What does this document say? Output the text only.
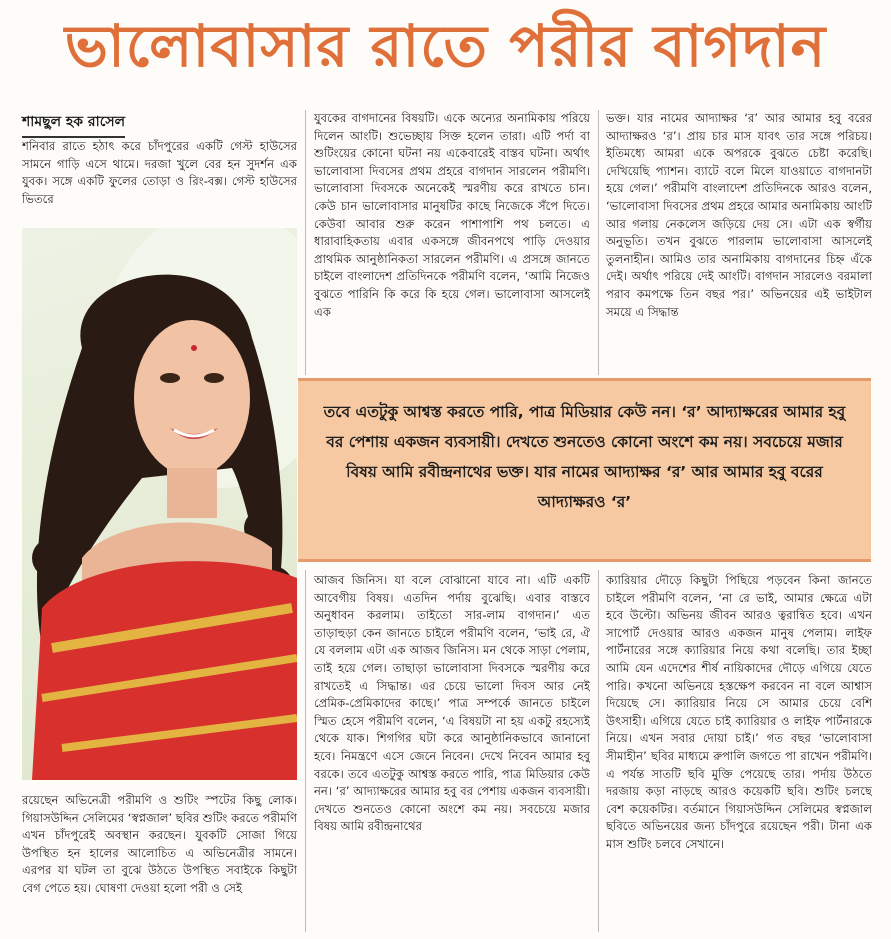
ভালোবাসার রাতে পরীর বাগদান
শামছুল হক রাসেল

শনিবার রাতে হঠাৎ করে চাঁদপুরের একটি গেস্ট হাউসের সামনে গাড়ি এসে থামে। দরজা খুলে বের হন সুদর্শন এক যুবক। সঙ্গে একটি ফুলের তোড়া ও রিং-বক্স। গেস্ট হাউসের ভিতরে

রয়েছেন অভিনেত্রী পরীমণি ও শুটিং স্পটের কিছু লোক। গিয়াসউদ্দিন সেলিমের ‘স্বপ্নজাল’ ছবির শুটিং করতে পরীমণি এখন চাঁদপুরেই অবস্থান করছেন। যুবকটি সোজা গিয়ে উপস্থিত হন হালের আলোচিত এ অভিনেত্রীর সামনে। এরপর যা ঘটল তা বুঝে উঠতে উপস্থিত সবাইকে কিছুটা বেগ পেতে হয়। ঘোষণা দেওয়া হলো পরী ও সেই

যুবকের বাগদানের বিষয়টি। একে অন্যের অনামিকায় পরিয়ে দিলেন আংটি। শুভেচ্ছায় সিক্ত হলেন তারা। এটি পর্দা বা শুটিংয়ের কোনো ঘটনা নয় একেবারেই বাস্তব ঘটনা। অর্থাৎ ভালোবাসা দিবসের প্রথম প্রহরে বাগদান সারলেন পরীমণি। ভালোবাসা দিবসকে অনেকেই স্মরণীয় করে রাখতে চান। কেউ চান ভালোবাসার মানুষটির কাছে নিজেকে সঁপে দিতে। কেউবা আবার শুরু করেন পাশাপাশি পথ চলতে। এ ধারাবাহিকতায় এবার একসঙ্গে জীবনপথে পাড়ি দেওয়ার প্রাথমিক আনুষ্ঠানিকতা সারলেন পরীমণি। এ প্রসঙ্গে জানতে চাইলে বাংলাদেশ প্রতিদিনকে পরীমণি বলেন, ‘আমি নিজেও বুঝতে পারিনি কি করে কি হয়ে গেল। ভালোবাসা আসলেই এক

ভক্ত। যার নামের আদ্যাক্ষর ‘র’ আর আমার হবু বরের আদ্যাক্ষরও ‘র’। প্রায় চার মাস যাবৎ তার সঙ্গে পরিচয়। ইতিমধ্যে আমরা একে অপরকে বুঝতে চেষ্টা করেছি। দেখিয়েছি প্যাশন। ব্যাটে বলে মিলে যাওয়াতে বাগদানটা হয়ে গেল।’ পরীমণি বাংলাদেশ প্রতিদিনকে আরও বলেন, ‘ভালোবাসা দিবসের প্রথম প্রহরে আমার অনামিকায় আংটি আর গলায় নেকলেস জড়িয়ে দেয় সে। এটা এক স্বর্গীয় অনুভূতি। তখন বুঝতে পারলাম ভালোবাসা আসলেই তুলনাহীন। আমিও তার অনামিকায় বাগদানের চিহ্ন এঁকে দেই। অর্থাৎ পরিয়ে দেই আংটি। বাগদান সারলেও বরমালা পরাব কমপক্ষে তিন বছর পর।’ অভিনয়ের এই ভাইটাল সময়ে এ সিদ্ধান্ত

তবে এতটুকু আশ্বস্ত করতে পারি, পাত্র মিডিয়ার কেউ নন। ‘র’ আদ্যাক্ষরের আমার হবু বর পেশায় একজন ব্যবসায়ী। দেখতে শুনতেও কোনো অংশে কম নয়। সবচেয়ে মজার বিষয় আমি রবীন্দ্রনাথের ভক্ত। যার নামের আদ্যাক্ষর ‘র’ আর আমার হবু বরের আদ্যাক্ষরও ‘র’

আজব জিনিস। যা বলে বোঝানো যাবে না। এটি একটি আবেগীয় বিষয়। এতদিন পর্দায় বুঝেছি। এবার বাস্তবে অনুধাবন করলাম। তাইতো সার-লাম বাগদান।’ এত তাড়াহুড়া কেন জানতে চাইলে পরীমণি বলেন, ‘ভাই রে, ঐ যে বললাম এটা এক আজব জিনিস। মন থেকে সাড়া পেলাম, তাই হয়ে গেল। তাছাড়া ভালোবাসা দিবসকে স্মরণীয় করে রাখতেই এ সিদ্ধান্ত। এর চেয়ে ভালো দিবস আর নেই প্রেমিক-প্রেমিকাদের কাছে।’ পাত্র সম্পর্কে জানতে চাইলে স্মিত হেসে পরীমণি বলেন, ‘এ বিষয়টা না হয় একটু রহস্যেই থেকে যাক। শিগগির ঘটা করে আনুষ্ঠানিকভাবে জানানো হবে। নিমন্ত্রণে এসে জেনে নিবেন। দেখে নিবেন আমার হবু বরকে। তবে এতটুকু আশ্বস্ত করতে পারি, পাত্র মিডিয়ার কেউ নন। ‘র’ আদ্যাক্ষরের আমার হবু বর পেশায় একজন ব্যবসায়ী। দেখতে শুনতেও কোনো অংশে কম নয়। সবচেয়ে মজার বিষয় আমি রবীন্দ্রনাথের

ক্যারিয়ার দৌড়ে কিছুটা পিছিয়ে পড়বেন কিনা জানতে চাইলে পরীমণি বলেন, ‘না রে ভাই, আমার ক্ষেত্রে এটা হবে উল্টো। অভিনয় জীবন আরও ত্বরান্বিত হবে। এখন সাপোর্ট দেওয়ার আরও একজন মানুষ পেলাম। লাইফ পার্টনারের সঙ্গে ক্যারিয়ার নিয়ে কথা বলেছি। তার ইচ্ছা আমি যেন এদেশের শীর্ষ নায়িকাদের দৌড়ে এগিয়ে যেতে পারি। কখনো অভিনয়ে হস্তক্ষেপ করবেন না বলে আশ্বাস দিয়েছে সে। ক্যারিয়ার নিয়ে সে আমার চেয়ে বেশি উৎসাহী। এগিয়ে যেতে চাই ক্যারিয়ার ও লাইফ পার্টনারকে নিয়ে। এখন সবার দোয়া চাই।’ গত বছর ‘ভালোবাসা সীমাহীন’ ছবির মাধ্যমে রুপালি জগতে পা রাখেন পরীমণি। এ পর্যন্ত সাতটি ছবি মুক্তি পেয়েছে তার। পর্দায় উঠতে দরজায় কড়া নাড়ছে আরও কয়েকটি ছবি। শুটিং চলছে বেশ কয়েকটির। বর্তমানে গিয়াসউদ্দিন সেলিমের স্বপ্নজাল ছবিতে অভিনয়ের জন্য চাঁদপুরে রয়েছেন পরী। টানা এক মাস শুটিং চলবে সেখানে।
